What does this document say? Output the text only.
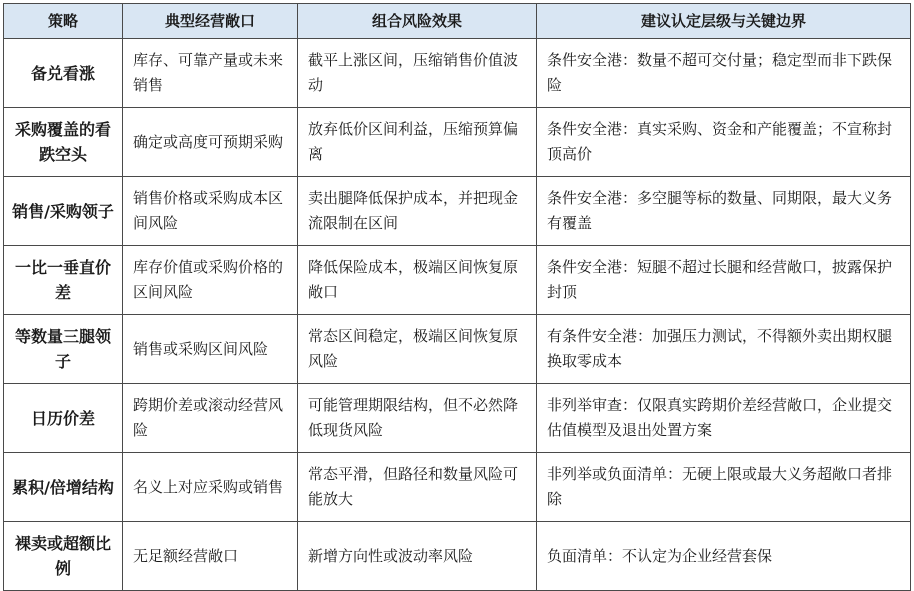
策略	典型经营敞口	组合风险效果	建议认定层级与关键边界
备兑看涨	库存、可靠产量或未来销售	截平上涨区间，压缩销售价值波动	条件安全港：数量不超可交付量；稳定型而非下跌保险
采购覆盖的看跌空头	确定或高度可预期采购	放弃低价区间利益，压缩预算偏离	条件安全港：真实采购、资金和产能覆盖；不宣称封顶高价
销售/采购领子	销售价格或采购成本区间风险	卖出腿降低保护成本，并把现金流限制在区间	条件安全港：多空腿等标的数量、同期限，最大义务有覆盖
一比一垂直价差	库存价值或采购价格的区间风险	降低保险成本，极端区间恢复原敞口	条件安全港：短腿不超过长腿和经营敞口，披露保护封顶
等数量三腿领子	销售或采购区间风险	常态区间稳定，极端区间恢复原风险	有条件安全港：加强压力测试，不得额外卖出期权腿换取零成本
日历价差	跨期价差或滚动经营风险	可能管理期限结构，但不必然降低现货风险	非列举审查：仅限真实跨期价差经营敞口，企业提交估值模型及退出处置方案
累积/倍增结构	名义上对应采购或销售	常态平滑，但路径和数量风险可能放大	非列举或负面清单：无硬上限或最大义务超敞口者排除
裸卖或超额比例	无足额经营敞口	新增方向性或波动率风险	负面清单：不认定为企业经营套保
